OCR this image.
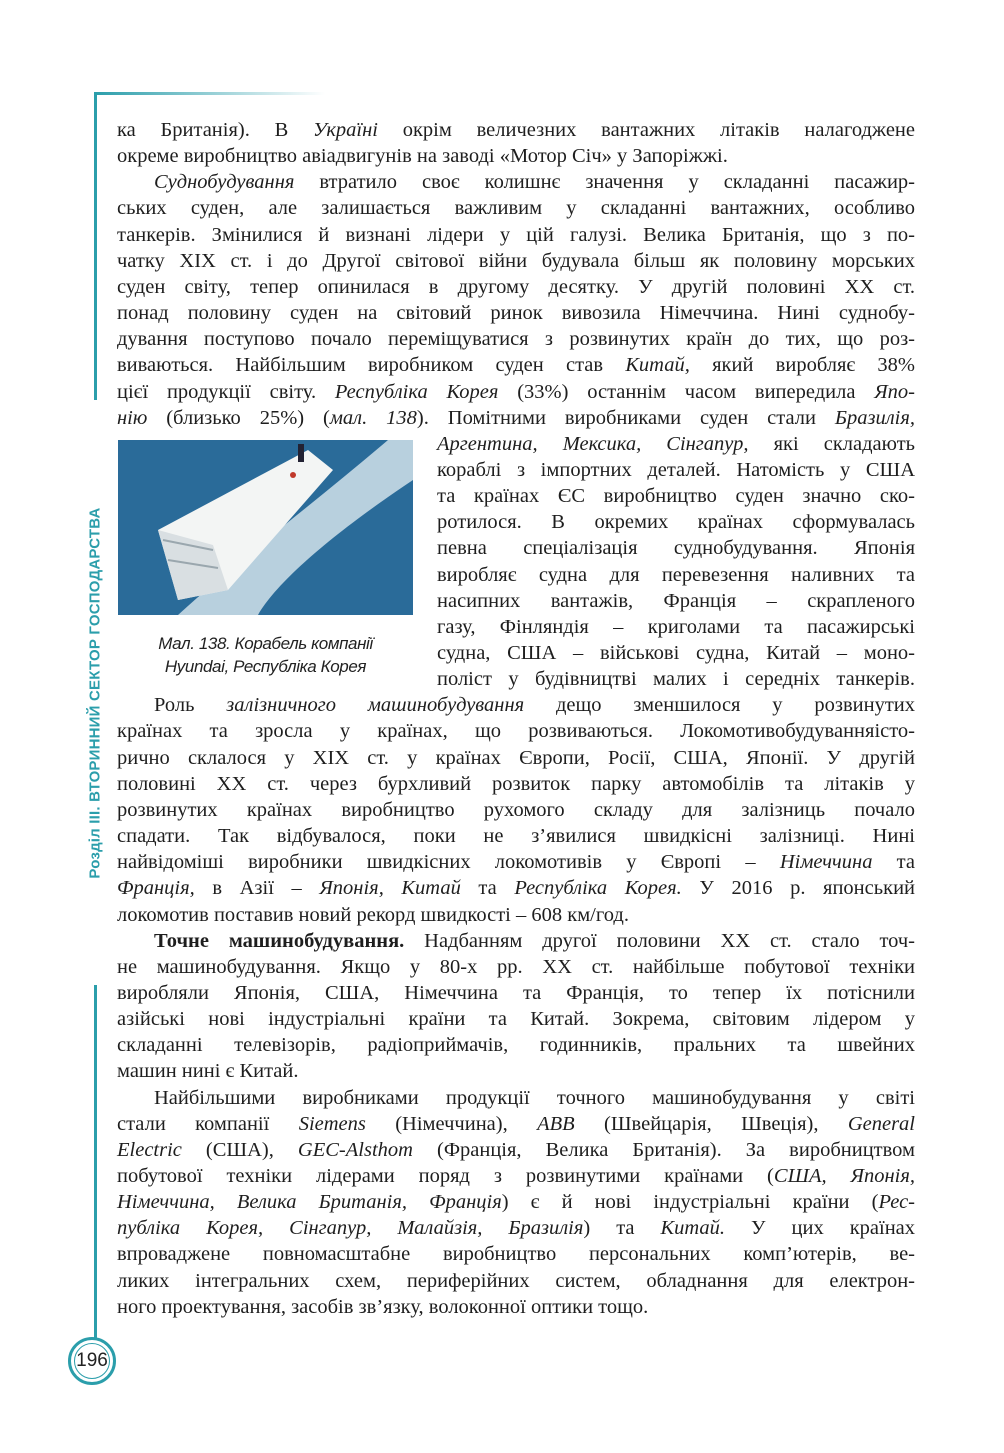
Розділ III. ВТОРИННИЙ СЕКТОР ГОСПОДАРСТВА
196
Мал. 138. Корабель компанії
Hyundai, Республіка Корея
ка Британія). В Україні окрім величезних вантажних літаків налагоджене
окреме виробництво авіадвигунів на заводі «Мотор Січ» у Запоріжжі.
Суднобудування втратило своє колишнє значення у складанні пасажир-
ських суден, але залишається важливим у складанні вантажних, особливо
танкерів. Змінилися й визнані лідери у цій галузі. Велика Британія, що з по-
чатку XIX ст. і до Другої світової війни будувала більш як половину морських
суден світу, тепер опинилася в другому десятку. У другій половині XX ст.
понад половину суден на світовий ринок вивозила Німеччина. Нині суднобу-
дування поступово почало переміщуватися з розвинутих країн до тих, що роз-
виваються. Найбільшим виробником суден став Китай, який виробляє 38%
цієї продукції світу. Республіка Корея (33%) останнім часом випередила Япо-
нію (близько 25%) (мал. 138). Помітними виробниками суден стали Бразилія,
Аргентина, Мексика, Сінгапур, які складають
кораблі з імпортних деталей. Натомість у США
та країнах ЄС виробництво суден значно ско-
ротилося. В окремих країнах сформувалась
певна спеціалізація суднобудування. Японія
виробляє судна для перевезення наливних та
насипних вантажів, Франція – скрапленого
газу, Фінляндія – криголами та пасажирські
судна, США – військові судна, Китай – моно-
поліст у будівництві малих і середніх танкерів.
Роль залізничного машинобудування дещо зменшилося у розвинутих
країнах та зросла у країнах, що розвиваються. Локомотивобудуванняісто-
рично склалося у XIX ст. у країнах Європи, Росії, США, Японії. У другій
половині XX ст. через бурхливий розвиток парку автомобілів та літаків у
розвинутих країнах виробництво рухомого складу для залізниць почало
спадати. Так відбувалося, поки не з’явилися швидкісні залізниці. Нині
найвідоміші виробники швидкісних локомотивів у Європі – Німеччина та
Франція, в Азії – Японія, Китай та Республіка Корея. У 2016 р. японський
локомотив поставив новий рекорд швидкості – 608 км/год.
Точне машинобудування. Надбанням другої половини XX ст. стало точ-
не машинобудування. Якщо у 80-х рр. XX ст. найбільше побутової техніки
виробляли Японія, США, Німеччина та Франція, то тепер їх потіснили
азійські нові індустріальні країни та Китай. Зокрема, світовим лідером у
складанні телевізорів, радіоприймачів, годинників, пральних та швейних
машин нині є Китай.
Найбільшими виробниками продукції точного машинобудування у світі
стали компанії Siemens (Німеччина), ABB (Швейцарія, Швеція), General
Electric (США), GEC-Alsthom (Франція, Велика Британія). За виробництвом
побутової техніки лідерами поряд з розвинутими країнами (США, Японія,
Німеччина, Велика Британія, Франція) є й нові індустріальні країни (Рес-
публіка Корея, Сінгапур, Малайзія, Бразилія) та Китай. У цих країнах
впроваджене повномасштабне виробництво персональних комп’ютерів, ве-
ликих інтегральних схем, периферійних систем, обладнання для електрон-
ного проектування, засобів зв’язку, волоконної оптики тощо.
